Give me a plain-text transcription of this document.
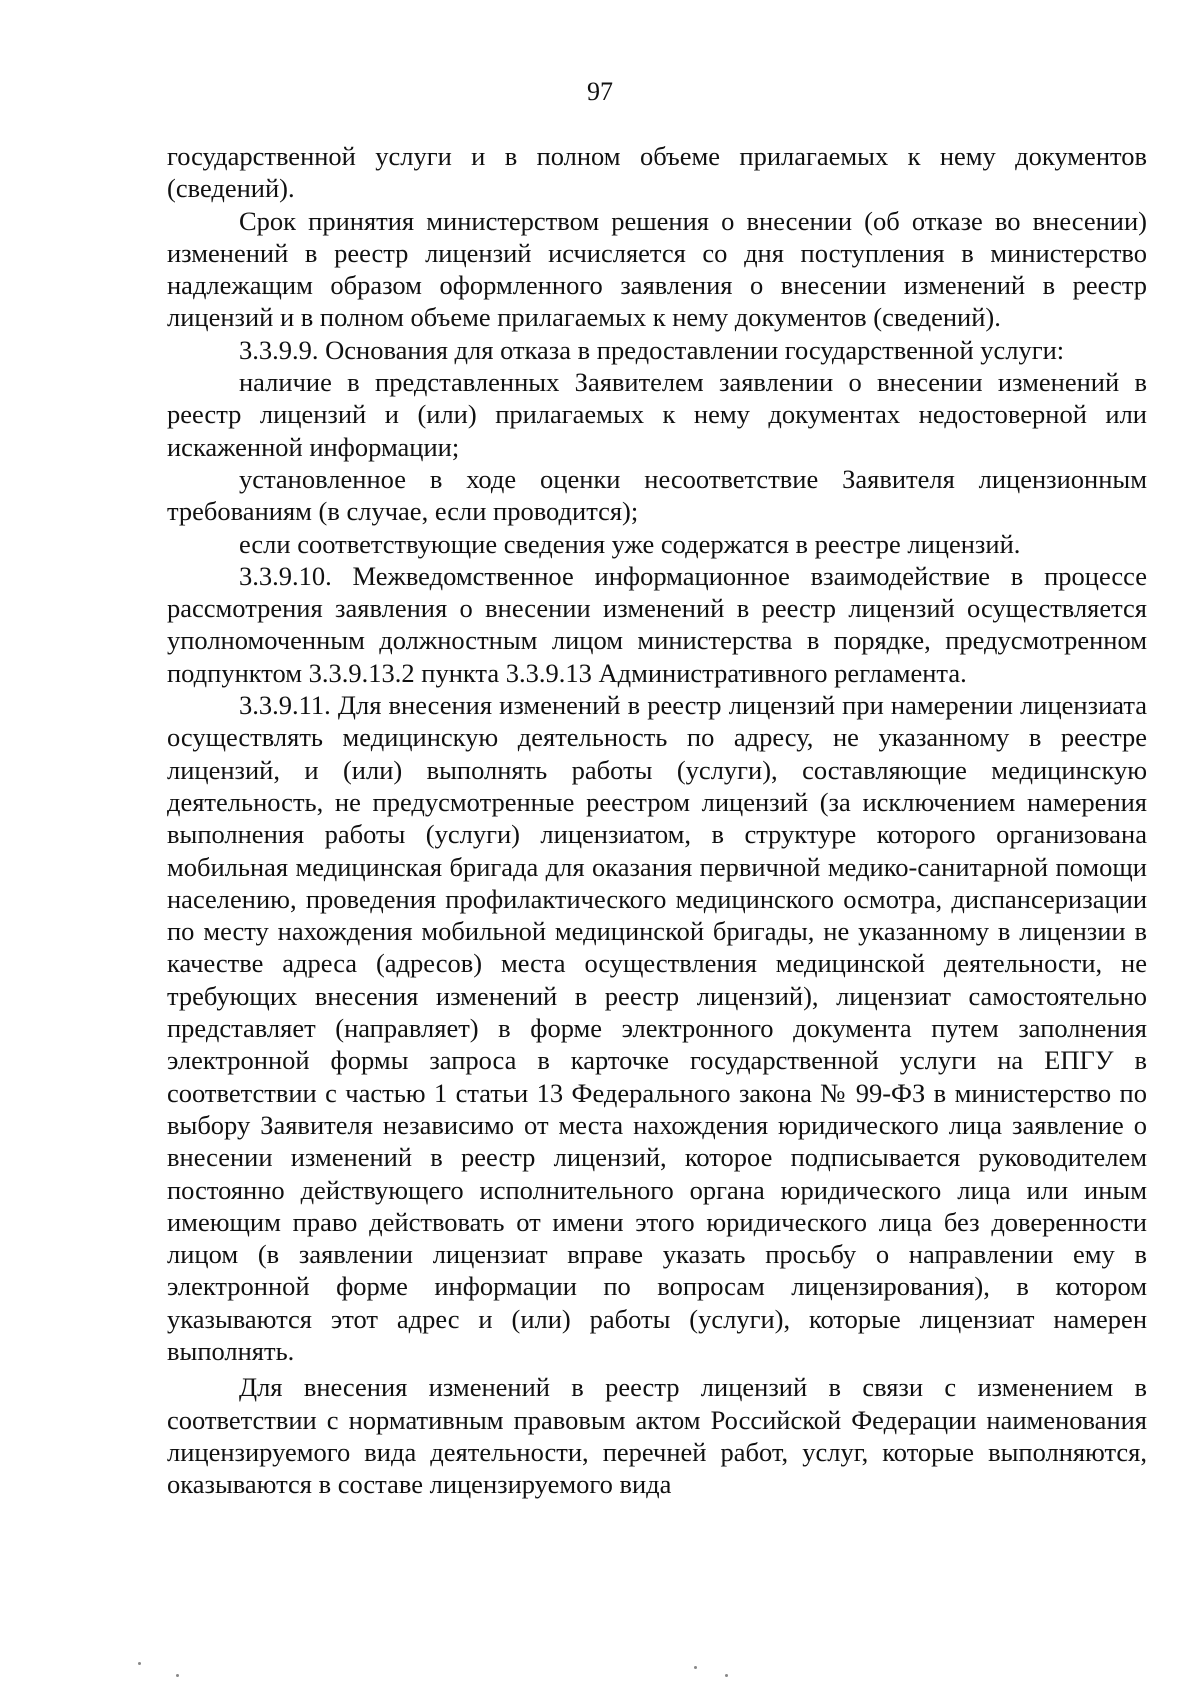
97

государственной услуги и в полном объеме прилагаемых к нему документов (сведений).

Срок принятия министерством решения о внесении (об отказе во внесении) изменений в реестр лицензий исчисляется со дня поступления в министерство надлежащим образом оформленного заявления о внесении изменений в реестр лицензий и в полном объеме прилагаемых к нему документов (сведений).

3.3.9.9. Основания для отказа в предоставлении государственной услуги:

наличие в представленных Заявителем заявлении о внесении изменений в реестр лицензий и (или) прилагаемых к нему документах недостоверной или искаженной информации;

установленное в ходе оценки несоответствие Заявителя лицензионным требованиям (в случае, если проводится);

если соответствующие сведения уже содержатся в реестре лицензий.

3.3.9.10. Межведомственное информационное взаимодействие в процессе рассмотрения заявления о внесении изменений в реестр лицензий осуществляется уполномоченным должностным лицом министерства в порядке, предусмотренном подпунктом 3.3.9.13.2 пункта 3.3.9.13 Административного регламента.

3.3.9.11. Для внесения изменений в реестр лицензий при намерении лицензиата осуществлять медицинскую деятельность по адресу, не указанному в реестре лицензий, и (или) выполнять работы (услуги), составляющие медицинскую деятельность, не предусмотренные реестром лицензий (за исключением намерения выполнения работы (услуги) лицензиатом, в структуре которого организована мобильная медицинская бригада для оказания первичной медико-санитарной помощи населению, проведения профилактического медицинского осмотра, диспансеризации по месту нахождения мобильной медицинской бригады, не указанному в лицензии в качестве адреса (адресов) места осуществления медицинской деятельности, не требующих внесения изменений в реестр лицензий), лицензиат самостоятельно представляет (направляет) в форме электронного документа путем заполнения электронной формы запроса в карточке государственной услуги на ЕПГУ в соответствии с частью 1 статьи 13 Федерального закона № 99-ФЗ в министерство по выбору Заявителя независимо от места нахождения юридического лица заявление о внесении изменений в реестр лицензий, которое подписывается руководителем постоянно действующего исполнительного органа юридического лица или иным имеющим право действовать от имени этого юридического лица без доверенности лицом (в заявлении лицензиат вправе указать просьбу о направлении ему в электронной форме информации по вопросам лицензирования), в котором указываются этот адрес и (или) работы (услуги), которые лицензиат намерен выполнять.

Для внесения изменений в реестр лицензий в связи с изменением в соответствии с нормативным правовым актом Российской Федерации наименования лицензируемого вида деятельности, перечней работ, услуг, которые выполняются, оказываются в составе лицензируемого вида
